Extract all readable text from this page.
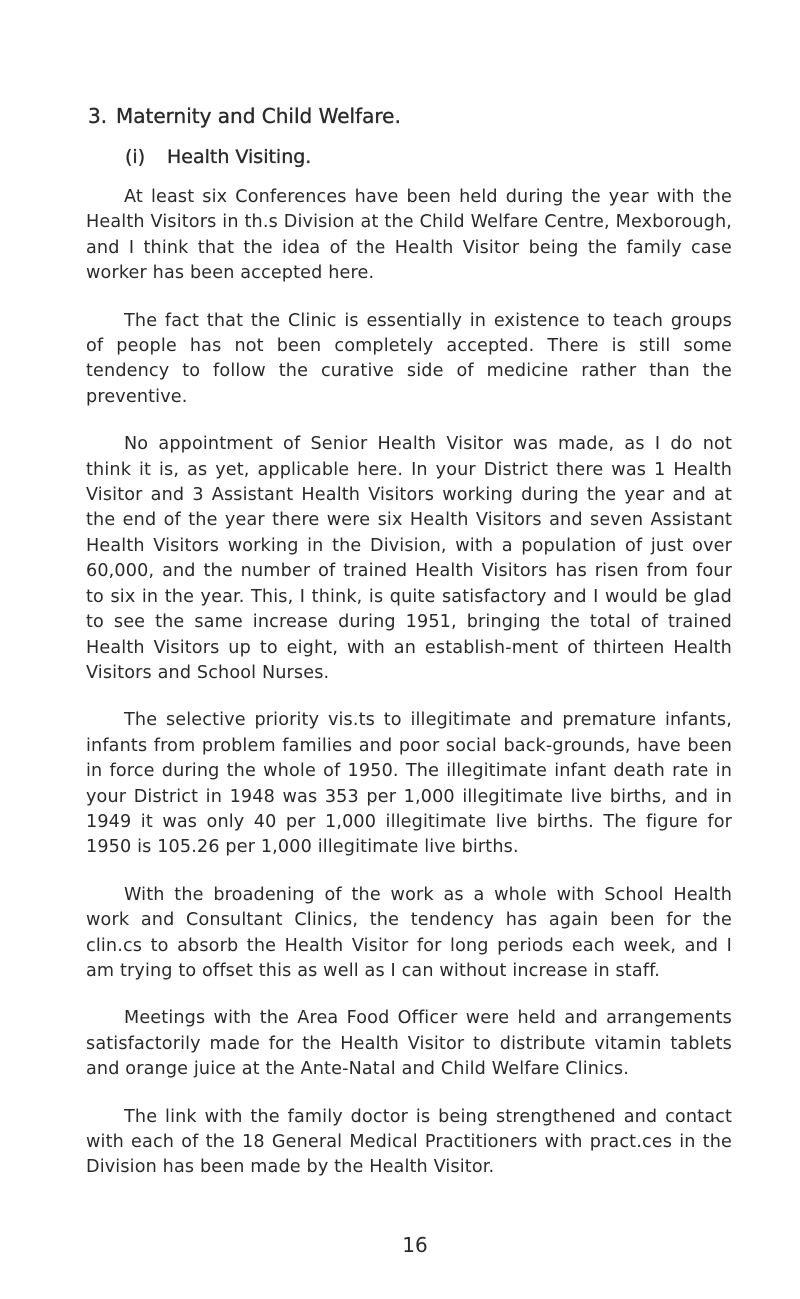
3. Maternity and Child Welfare.
(i) Health Visiting.

At least six Conferences have been held during the year with the Health Visitors in th.s Division at the Child Welfare Centre, Mexborough, and I think that the idea of the Health Visitor being the family case worker has been accepted here.

The fact that the Clinic is essentially in existence to teach groups of people has not been completely accepted. There is still some tendency to follow the curative side of medicine rather than the preventive.

No appointment of Senior Health Visitor was made, as I do not think it is, as yet, applicable here. In your District there was 1 Health Visitor and 3 Assistant Health Visitors working during the year and at the end of the year there were six Health Visitors and seven Assistant Health Visitors working in the Division, with a population of just over 60,000, and the number of trained Health Visitors has risen from four to six in the year. This, I think, is quite satisfactory and I would be glad to see the same increase during 1951, bringing the total of trained Health Visitors up to eight, with an establish-ment of thirteen Health Visitors and School Nurses.

The selective priority vis.ts to illegitimate and premature infants, infants from problem families and poor social back-grounds, have been in force during the whole of 1950. The illegitimate infant death rate in your District in 1948 was 353 per 1,000 illegitimate live births, and in 1949 it was only 40 per 1,000 illegitimate live births. The figure for 1950 is 105.26 per 1,000 illegitimate live births.

With the broadening of the work as a whole with School Health work and Consultant Clinics, the tendency has again been for the clin.cs to absorb the Health Visitor for long periods each week, and I am trying to offset this as well as I can without increase in staff.

Meetings with the Area Food Officer were held and arrangements satisfactorily made for the Health Visitor to distribute vitamin tablets and orange juice at the Ante-Natal and Child Welfare Clinics.

The link with the family doctor is being strengthened and contact with each of the 18 General Medical Practitioners with pract.ces in the Division has been made by the Health Visitor.

16
